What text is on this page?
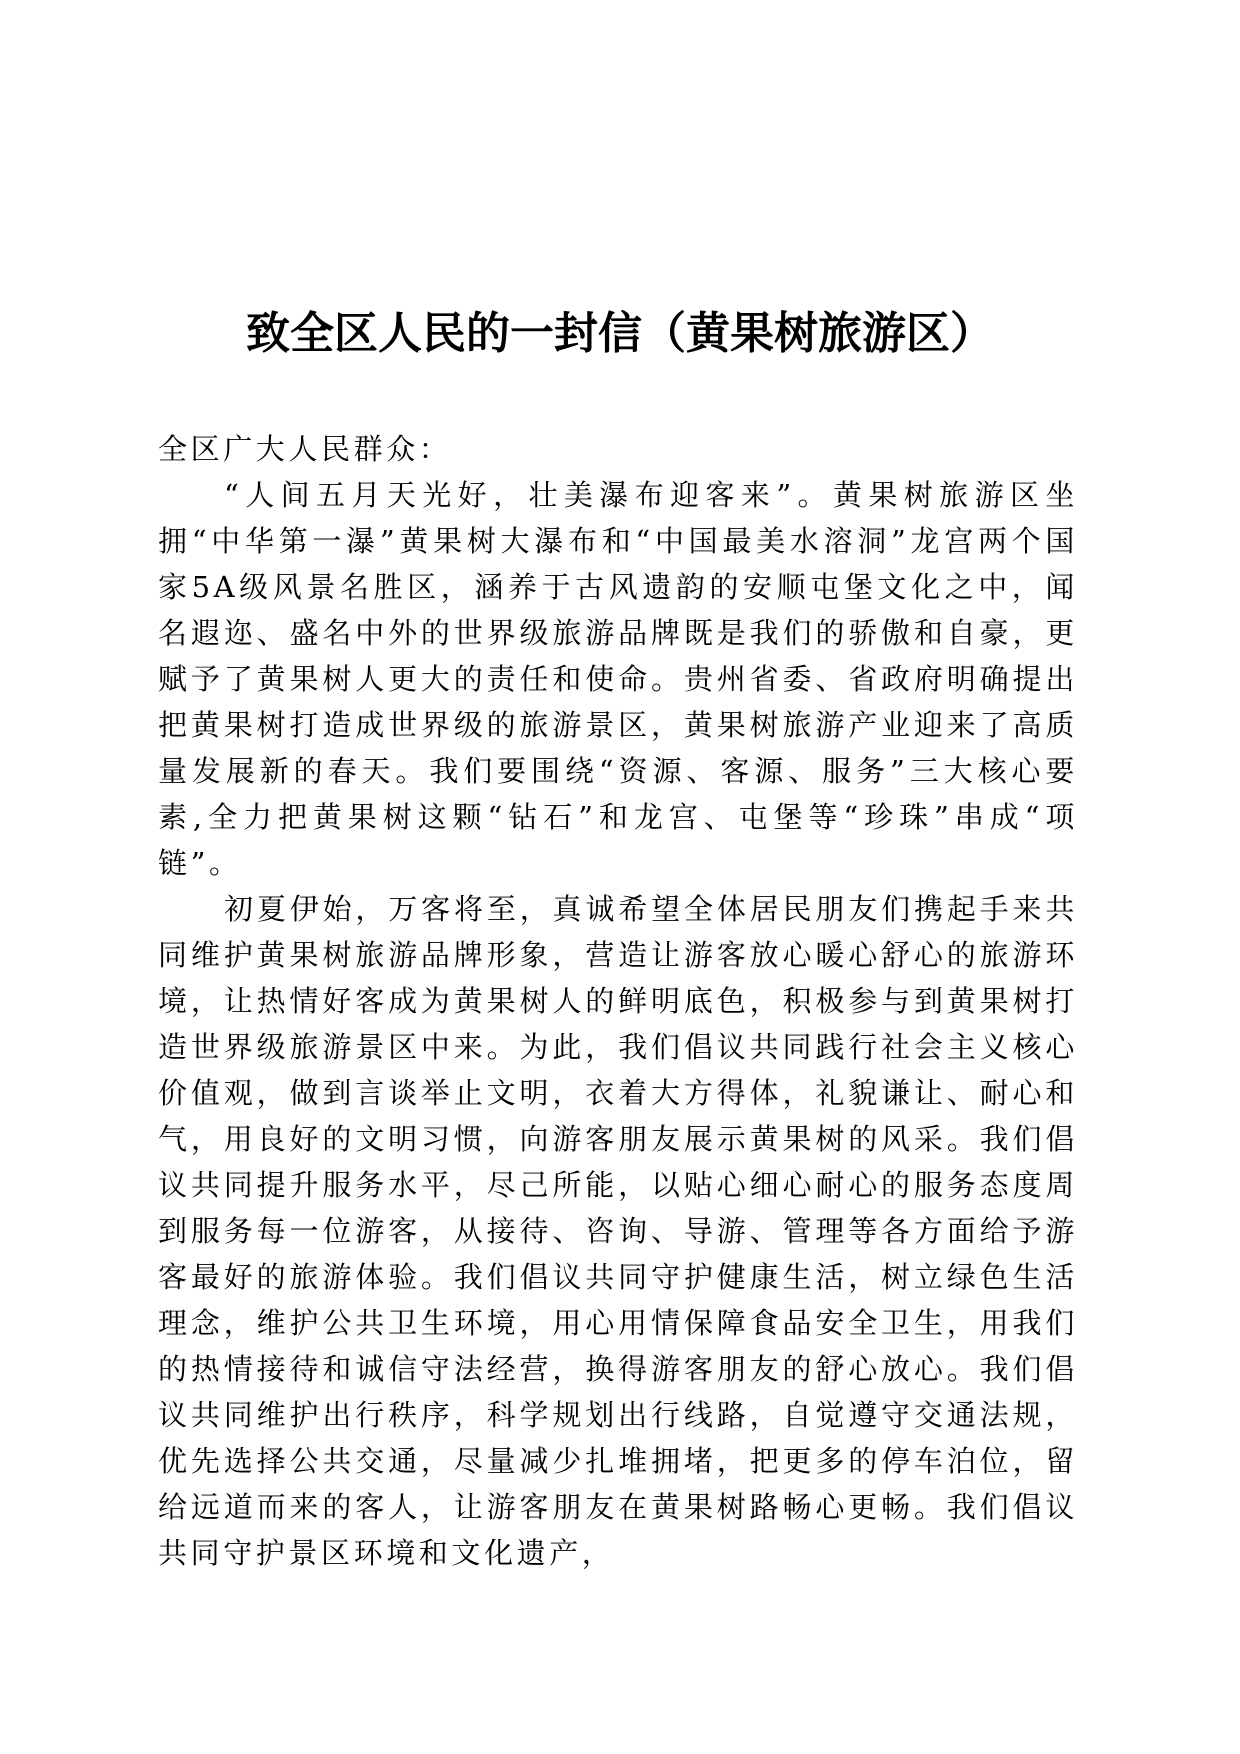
致全区人民的一封信（黄果树旅游区）

全区广大人民群众：

“人间五月天光好，壮美瀑布迎客来”。黄果树旅游区坐拥“中华第一瀑”黄果树大瀑布和“中国最美水溶洞”龙宫两个国家5A级风景名胜区，涵养于古风遗韵的安顺屯堡文化之中，闻名遐迩、盛名中外的世界级旅游品牌既是我们的骄傲和自豪，更赋予了黄果树人更大的责任和使命。贵州省委、省政府明确提出把黄果树打造成世界级的旅游景区，黄果树旅游产业迎来了高质量发展新的春天。我们要围绕“资源、客源、服务”三大核心要素,全力把黄果树这颗“钻石”和龙宫、屯堡等“珍珠”串成“项链”。

初夏伊始，万客将至，真诚希望全体居民朋友们携起手来共同维护黄果树旅游品牌形象，营造让游客放心暖心舒心的旅游环境，让热情好客成为黄果树人的鲜明底色，积极参与到黄果树打造世界级旅游景区中来。为此，我们倡议共同践行社会主义核心价值观，做到言谈举止文明，衣着大方得体，礼貌谦让、耐心和气，用良好的文明习惯，向游客朋友展示黄果树的风采。我们倡议共同提升服务水平，尽己所能，以贴心细心耐心的服务态度周到服务每一位游客，从接待、咨询、导游、管理等各方面给予游客最好的旅游体验。我们倡议共同守护健康生活，树立绿色生活理念，维护公共卫生环境，用心用情保障食品安全卫生，用我们的热情接待和诚信守法经营，换得游客朋友的舒心放心。我们倡议共同维护出行秩序，科学规划出行线路，自觉遵守交通法规，优先选择公共交通，尽量减少扎堆拥堵，把更多的停车泊位，留给远道而来的客人，让游客朋友在黄果树路畅心更畅。我们倡议共同守护景区环境和文化遗产，
